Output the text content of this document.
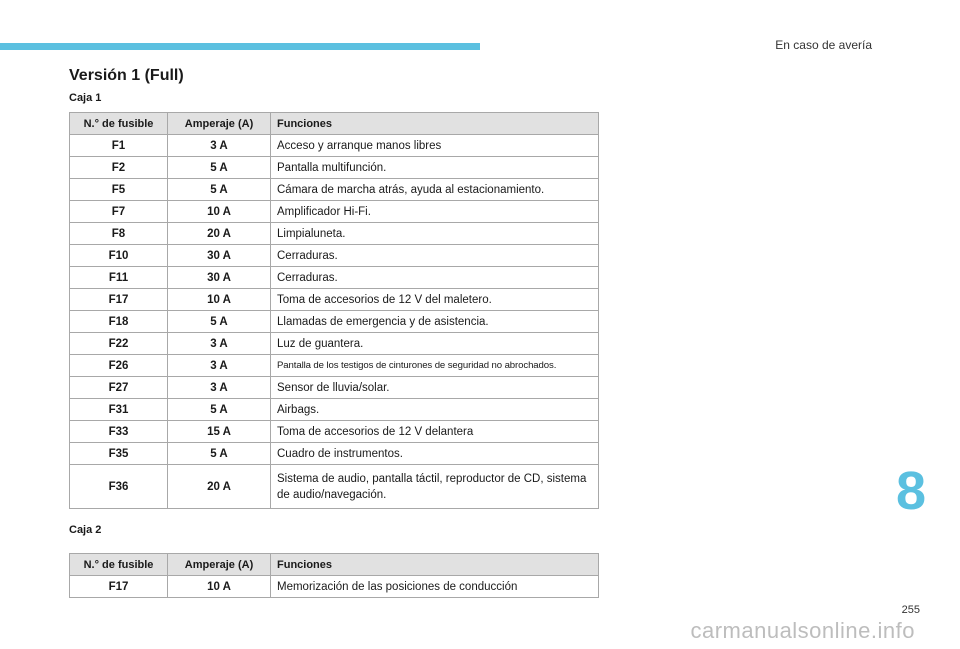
En caso de avería
Versión 1 (Full)
Caja 1
N.° de fusible	Amperaje (A)	Funciones
F1	3 A	Acceso y arranque manos libres
F2	5 A	Pantalla multifunción.
F5	5 A	Cámara de marcha atrás, ayuda al estacionamiento.
F7	10 A	Amplificador Hi-Fi.
F8	20 A	Limpialuneta.
F10	30 A	Cerraduras.
F11	30 A	Cerraduras.
F17	10 A	Toma de accesorios de 12 V del maletero.
F18	5 A	Llamadas de emergencia y de asistencia.
F22	3 A	Luz de guantera.
F26	3 A	Pantalla de los testigos de cinturones de seguridad no abrochados.
F27	3 A	Sensor de lluvia/solar.
F31	5 A	Airbags.
F33	15 A	Toma de accesorios de 12 V delantera
F35	5 A	Cuadro de instrumentos.
F36	20 A	Sistema de audio, pantalla táctil, reproductor de CD, sistema de audio/navegación.
Caja 2
N.° de fusible	Amperaje (A)	Funciones
F17	10 A	Memorización de las posiciones de conducción
8
255
carmanualsonline.info
